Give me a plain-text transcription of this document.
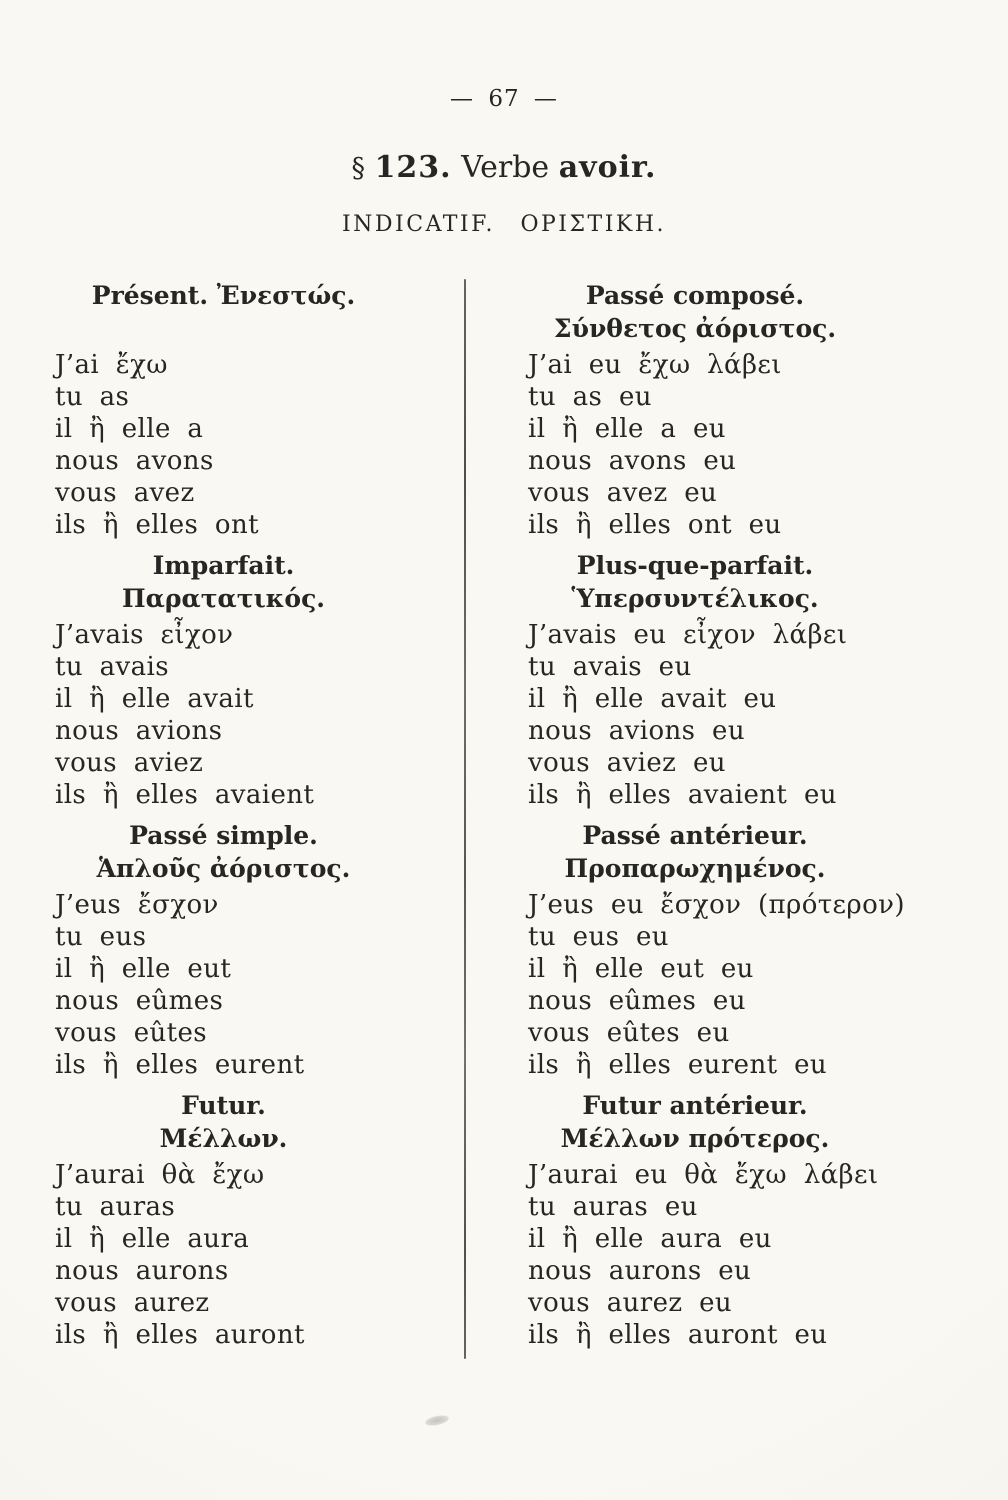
— 67 —
§ 123. Verbe avoir.
INDICATIF. ΟΡΙΣΤΙΚΗ.
Présent. Ἐνεστώς.
J’ai ἔχω
tu as
il ἢ elle a
nous avons
vous avez
ils ἢ elles ont
Imparfait.
Παρατατικός.
J’avais εἶχον
tu avais
il ἢ elle avait
nous avions
vous aviez
ils ἢ elles avaient
Passé simple.
Ἁπλοῦς ἀόριστος.
J’eus ἔσχον
tu eus
il ἢ elle eut
nous eûmes
vous eûtes
ils ἢ elles eurent
Futur.
Μέλλων.
J’aurai θὰ ἔχω
tu auras
il ἢ elle aura
nous aurons
vous aurez
ils ἢ elles auront
Passé composé.
Σύνθετος ἀόριστος.
J’ai eu ἔχω λάβει
tu as eu
il ἢ elle a eu
nous avons eu
vous avez eu
ils ἢ elles ont eu
Plus-que-parfait.
Ὑπερσυντέλικος.
J’avais eu εἶχον λάβει
tu avais eu
il ἢ elle avait eu
nous avions eu
vous aviez eu
ils ἢ elles avaient eu
Passé antérieur.
Προπαρωχημένος.
J’eus eu ἔσχον (πρότερον)
tu eus eu
il ἢ elle eut eu
nous eûmes eu
vous eûtes eu
ils ἢ elles eurent eu
Futur antérieur.
Μέλλων πρότερος.
J’aurai eu θὰ ἔχω λάβει
tu auras eu
il ἢ elle aura eu
nous aurons eu
vous aurez eu
ils ἢ elles auront eu
